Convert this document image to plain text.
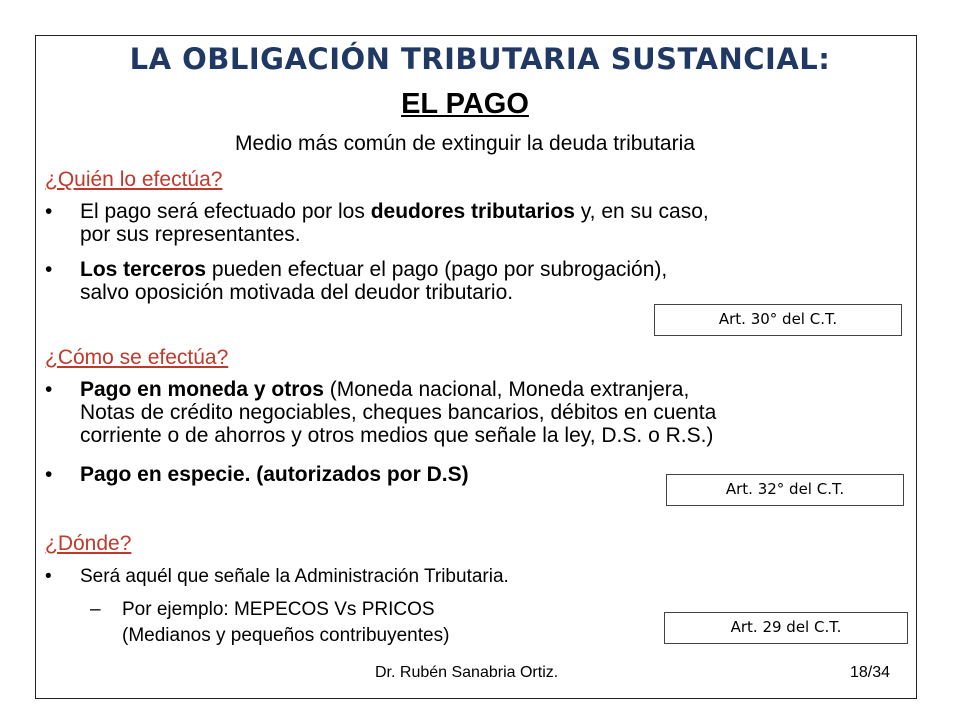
LA OBLIGACIÓN TRIBUTARIA SUSTANCIAL:
EL PAGO
Medio más común de extinguir la deuda tributaria
¿Quién lo efectúa?
• El pago será efectuado por los deudores tributarios y, en su caso,
por sus representantes.
• Los terceros pueden efectuar el pago (pago por subrogación),
salvo oposición motivada del deudor tributario.
Art. 30° del C.T.
¿Cómo se efectúa?
• Pago en moneda y otros (Moneda nacional, Moneda extranjera,
Notas de crédito negociables, cheques bancarios, débitos en cuenta
corriente o de ahorros y otros medios que señale la ley, D.S. o R.S.)
• Pago en especie. (autorizados por D.S)
Art. 32° del C.T.
¿Dónde?
• Será aquél que señale la Administración Tributaria.
– Por ejemplo: MEPECOS Vs PRICOS
(Medianos y pequeños contribuyentes)	Art. 29 del C.T.
Dr. Rubén Sanabria Ortiz.	18/34
